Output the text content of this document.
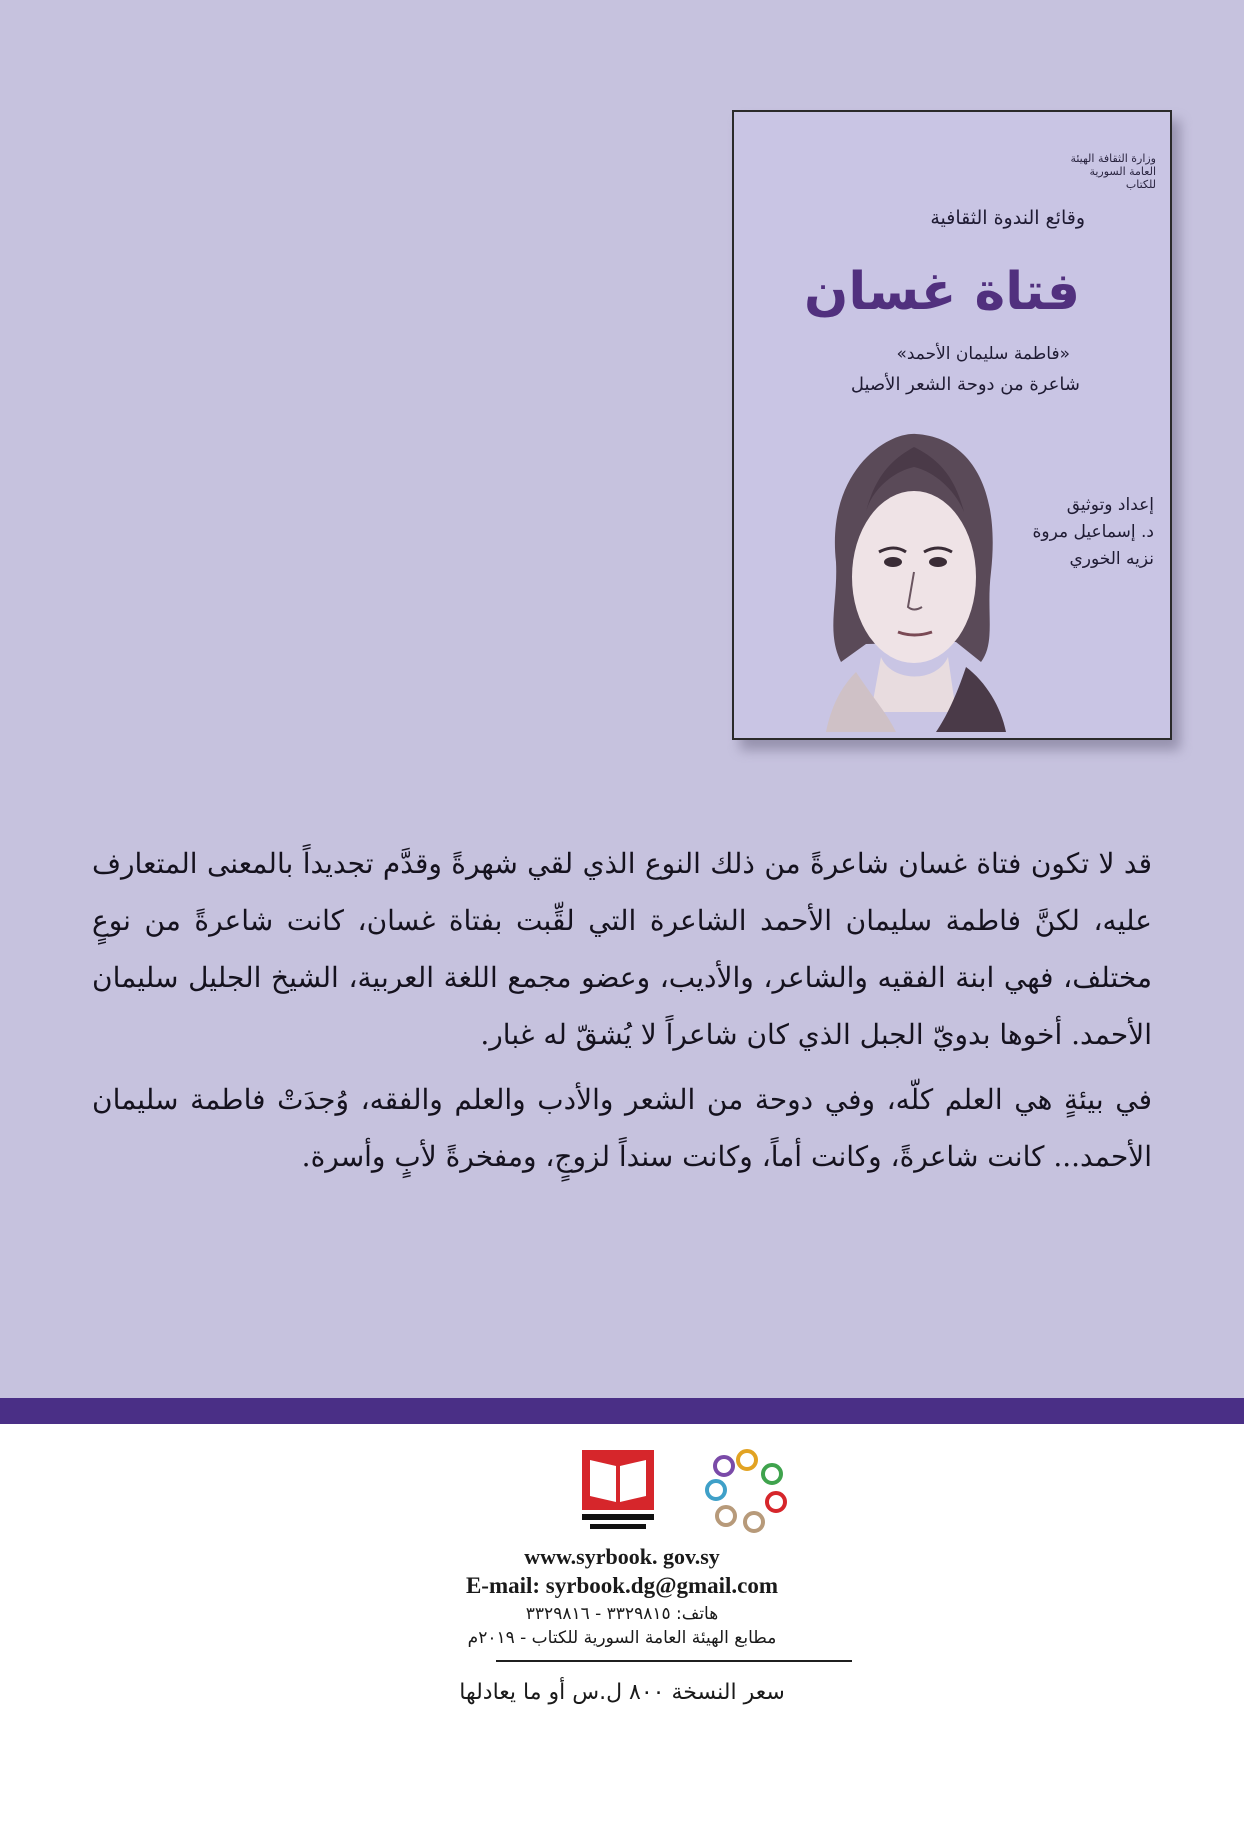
وزارة الثقافة الهيئة العامة السورية للكتاب
وقائع الندوة الثقافية
فتاة غسان
«فاطمة سليمان الأحمد»
شاعرة من دوحة الشعر الأصيل
إعداد وتوثيق
د. إسماعيل مروة
نزيه الخوري

قد لا تكون فتاة غسان شاعرةً من ذلك النوع الذي لقي شهرةً وقدَّم تجديداً بالمعنى المتعارف عليه، لكنَّ فاطمة سليمان الأحمد الشاعرة التي لقِّبت بفتاة غسان، كانت شاعرةً من نوعٍ مختلف، فهي ابنة الفقيه والشاعر، والأديب، وعضو مجمع اللغة العربية، الشيخ الجليل سليمان الأحمد. أخوها بدويّ الجبل الذي كان شاعراً لا يُشقّ له غبار.

في بيئةٍ هي العلم كلّه، وفي دوحة من الشعر والأدب والعلم والفقه، وُجدَتْ فاطمة سليمان الأحمد... كانت شاعرةً، وكانت أماً، وكانت سنداً لزوجٍ، ومفخرةً لأبٍ وأسرة.

www.syrbook. gov.sy
E-mail: syrbook.dg@gmail.com
هاتف: ٣٣٢٩٨١٥ - ٣٣٢٩٨١٦
مطابع الهيئة العامة السورية للكتاب - ٢٠١٩م
سعر النسخة ٨٠٠ ل.س أو ما يعادلها
